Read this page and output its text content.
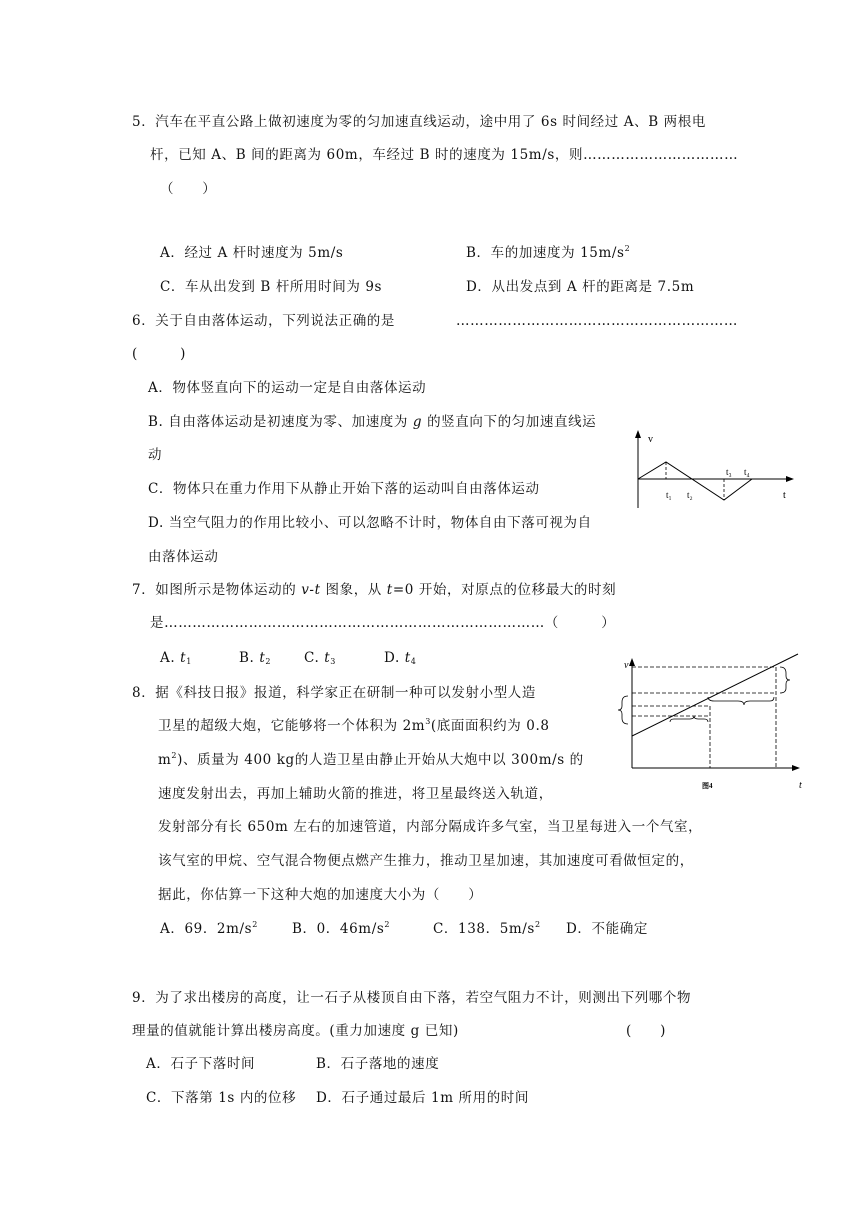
5．汽车在平直公路上做初速度为零的匀加速直线运动，途中用了 6s 时间经过 A、B 两根电
杆，已知 A、B 间的距离为 60m，车经过 B 时的速度为 15m/s，则……………………………
（　　）
A．经过 A 杆时速度为 5m/s	B．车的加速度为 $15m/s^2$
C．车从出发到 B 杆所用时间为 9s	D．从出发点到 A 杆的距离是 7.5m
6．关于自由落体运动，下列说法正确的是	……………………………………………………
(　　　)
A．物体竖直向下的运动一定是自由落体运动
B. 自由落体运动是初速度为零、加速度为 g 的竖直向下的匀加速直线运
动
C．物体只在重力作用下从静止开始下落的运动叫自由落体运动
D. 当空气阻力的作用比较小、可以忽略不计时，物体自由下落可视为自
由落体运动
v
t
t₁ t₂
t₃ t₄
7．如图所示是物体运动的 v-t 图象，从 t=0 开始，对原点的位移最大的时刻
是………………………………………………………………………（　　　）
A. $t_1$	B. $t_2$ C. $t_3$	D. $t_4$	v
t
图4
8．据《科技日报》报道，科学家正在研制一种可以发射小型人造
卫星的超级大炮，它能够将一个体积为 $2m^3$(底面面积约为 0.8
$m^2$)、质量为 400 kg的人造卫星由静止开始从大炮中以 300m/s 的
速度发射出去，再加上辅助火箭的推进，将卫星最终送入轨道，
发射部分有长 650m 左右的加速管道，内部分隔成许多气室，当卫星每进入一个气室，
该气室的甲烷、空气混合物便点燃产生推力，推动卫星加速，其加速度可看做恒定的，
据此，你估算一下这种大炮的加速度大小为（　　）
A．69．$2m/s^2$	B．0．$46m/s^2$	C．138．$5m/s^2$ D．不能确定
9．为了求出楼房的高度，让一石子从楼顶自由下落，若空气阻力不计，则测出下列哪个物
理量的值就能计算出楼房高度。(重力加速度 g 已知)	(　　)
A．石子下落时间	B．石子落地的速度
C．下落第 1s 内的位移 D．石子通过最后 1m 所用的时间
